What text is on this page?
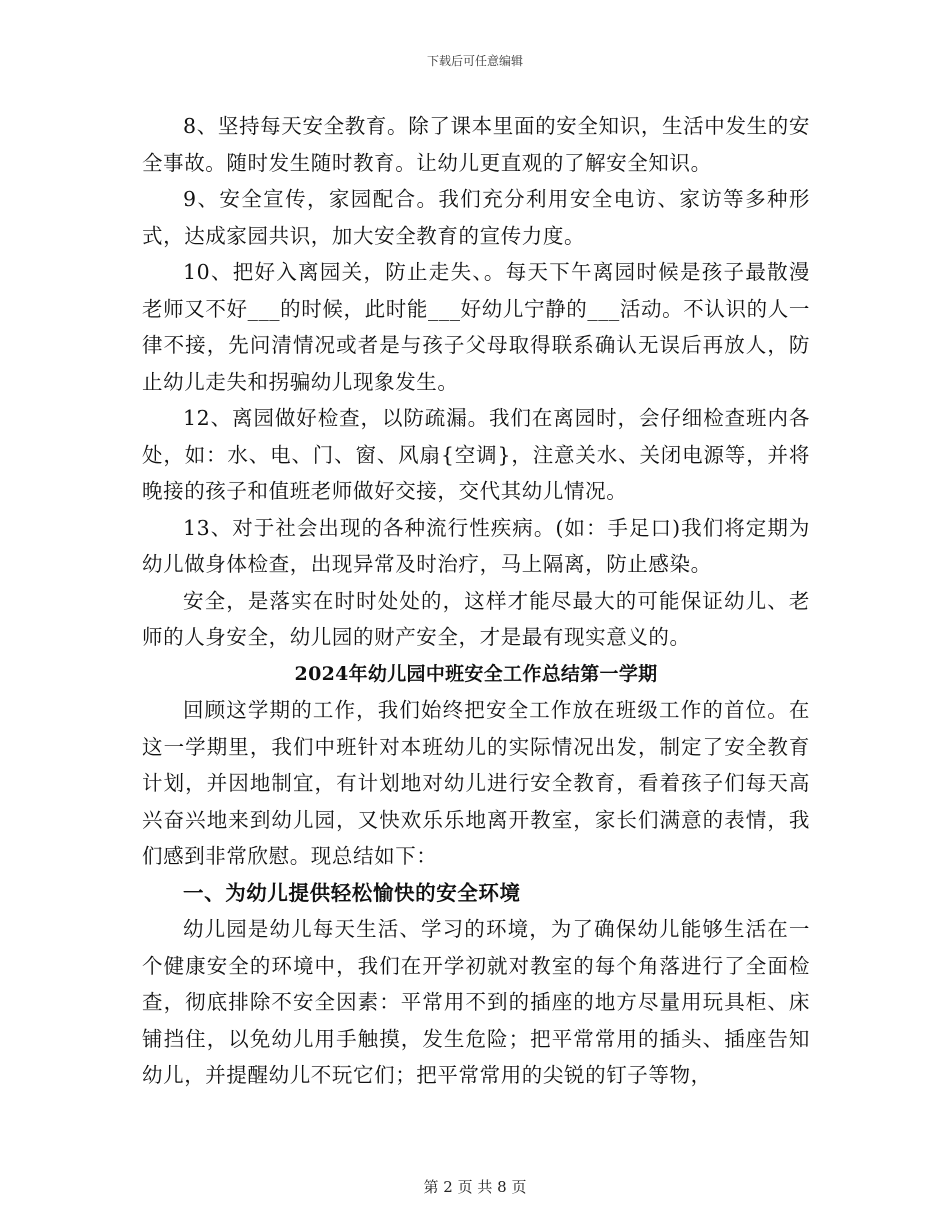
下载后可任意编辑

8、坚持每天安全教育。除了课本里面的安全知识，生活中发生的安全事故。随时发生随时教育。让幼儿更直观的了解安全知识。

9、安全宣传，家园配合。我们充分利用安全电访、家访等多种形式，达成家园共识，加大安全教育的宣传力度。

10、把好入离园关，防止走失、。每天下午离园时候是孩子最散漫老师又不好___的时候，此时能___好幼儿宁静的___活动。不认识的人一律不接，先问清情况或者是与孩子父母取得联系确认无误后再放人，防止幼儿走失和拐骗幼儿现象发生。

12、离园做好检查，以防疏漏。我们在离园时，会仔细检查班内各处，如：水、电、门、窗、风扇{空调}，注意关水、关闭电源等，并将晚接的孩子和值班老师做好交接，交代其幼儿情况。

13、对于社会出现的各种流行性疾病。(如：手足口)我们将定期为幼儿做身体检查，出现异常及时治疗，马上隔离，防止感染。

安全，是落实在时时处处的，这样才能尽最大的可能保证幼儿、老师的人身安全，幼儿园的财产安全，才是最有现实意义的。

2024年幼儿园中班安全工作总结第一学期

回顾这学期的工作，我们始终把安全工作放在班级工作的首位。在这一学期里，我们中班针对本班幼儿的实际情况出发，制定了安全教育计划，并因地制宜，有计划地对幼儿进行安全教育，看着孩子们每天高兴奋兴地来到幼儿园，又快欢乐乐地离开教室，家长们满意的表情，我们感到非常欣慰。现总结如下：

一、为幼儿提供轻松愉快的安全环境

幼儿园是幼儿每天生活、学习的环境，为了确保幼儿能够生活在一个健康安全的环境中，我们在开学初就对教室的每个角落进行了全面检查，彻底排除不安全因素：平常用不到的插座的地方尽量用玩具柜、床铺挡住，以免幼儿用手触摸，发生危险；把平常常用的插头、插座告知幼儿，并提醒幼儿不玩它们；把平常常用的尖锐的钉子等物，

第 2 页 共 8 页
